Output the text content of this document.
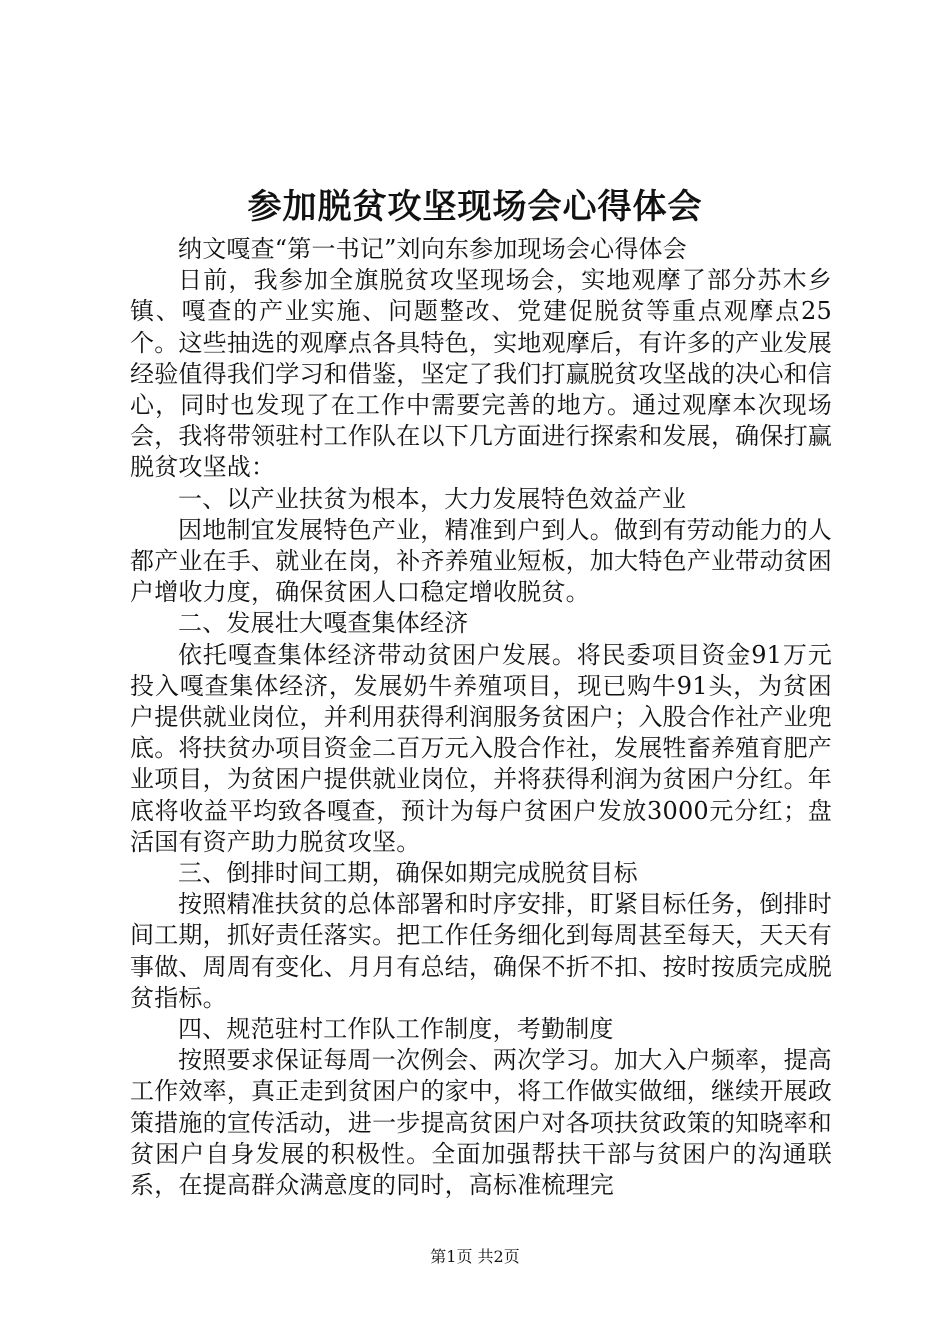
参加脱贫攻坚现场会心得体会

纳文嘎查“第一书记”刘向东参加现场会心得体会

日前，我参加全旗脱贫攻坚现场会，实地观摩了部分苏木乡镇、嘎查的产业实施、问题整改、党建促脱贫等重点观摩点25个。这些抽选的观摩点各具特色，实地观摩后，有许多的产业发展经验值得我们学习和借鉴，坚定了我们打赢脱贫攻坚战的决心和信心，同时也发现了在工作中需要完善的地方。通过观摩本次现场会，我将带领驻村工作队在以下几方面进行探索和发展，确保打赢脱贫攻坚战：

一、以产业扶贫为根本，大力发展特色效益产业

因地制宜发展特色产业，精准到户到人。做到有劳动能力的人都产业在手、就业在岗，补齐养殖业短板，加大特色产业带动贫困户增收力度，确保贫困人口稳定增收脱贫。

二、发展壮大嘎查集体经济

依托嘎查集体经济带动贫困户发展。将民委项目资金91万元投入嘎查集体经济，发展奶牛养殖项目，现已购牛91头，为贫困户提供就业岗位，并利用获得利润服务贫困户；入股合作社产业兜底。将扶贫办项目资金二百万元入股合作社，发展牲畜养殖育肥产业项目，为贫困户提供就业岗位，并将获得利润为贫困户分红。年底将收益平均致各嘎查，预计为每户贫困户发放3000元分红；盘活国有资产助力脱贫攻坚。

三、倒排时间工期，确保如期完成脱贫目标

按照精准扶贫的总体部署和时序安排，盯紧目标任务，倒排时间工期，抓好责任落实。把工作任务细化到每周甚至每天，天天有事做、周周有变化、月月有总结，确保不折不扣、按时按质完成脱贫指标。

四、规范驻村工作队工作制度，考勤制度

按照要求保证每周一次例会、两次学习。加大入户频率，提高工作效率，真正走到贫困户的家中，将工作做实做细，继续开展政策措施的宣传活动，进一步提高贫困户对各项扶贫政策的知晓率和贫困户自身发展的积极性。全面加强帮扶干部与贫困户的沟通联系，在提高群众满意度的同时，高标准梳理完

第1页 共2页
